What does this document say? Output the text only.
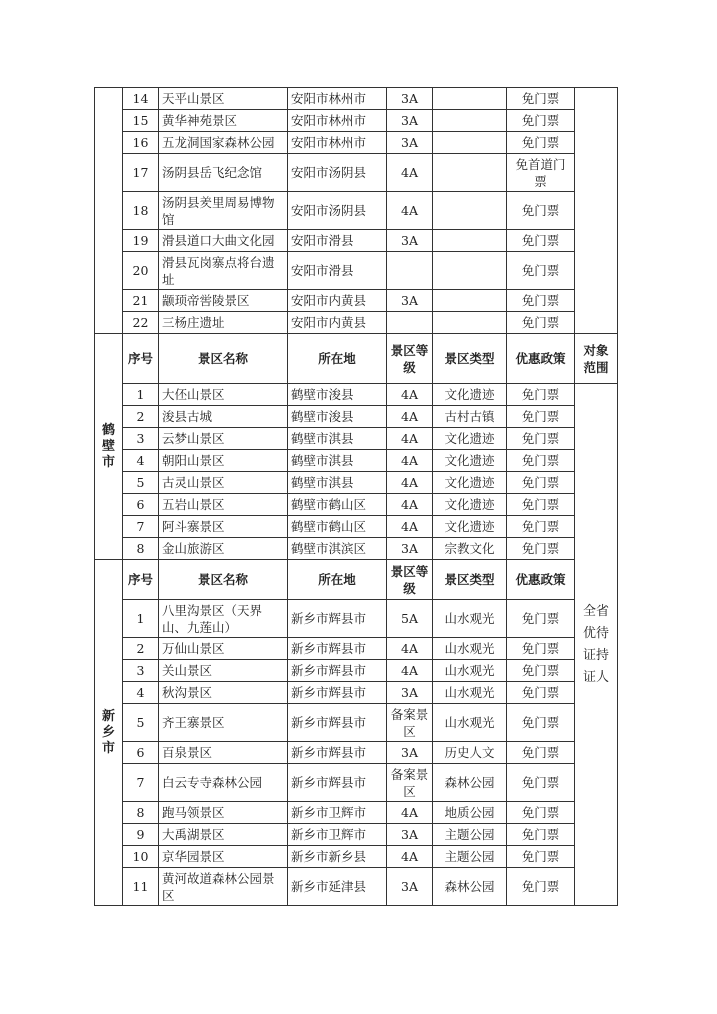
	14	天平山景区	安阳市林州市	3A		免门票	
	15	黄华神苑景区	安阳市林州市	3A		免门票	
	16	五龙洞国家森林公园	安阳市林州市	3A		免门票	
	17	汤阴县岳飞纪念馆	安阳市汤阴县	4A		免首道门票	
	18	汤阴县羑里周易博物馆	安阳市汤阴县	4A		免门票	
	19	滑县道口大曲文化园	安阳市滑县	3A		免门票	
	20	滑县瓦岗寨点将台遗址	安阳市滑县			免门票	
	21	颛顼帝喾陵景区	安阳市内黄县	3A		免门票	
	22	三杨庄遗址	安阳市内黄县			免门票	

鹤壁市	序号	景区名称	所在地	景区等级	景区类型	优惠政策	对象范围
	1	大伾山景区	鹤壁市浚县	4A	文化遗迹	免门票	全省优待证持证人

	2	浚县古城	鹤壁市浚县	4A	古村古镇	免门票	
	3	云梦山景区	鹤壁市淇县	4A	文化遗迹	免门票	
	4	朝阳山景区	鹤壁市淇县	4A	文化遗迹	免门票	
	5	古灵山景区	鹤壁市淇县	4A	文化遗迹	免门票	
	6	五岩山景区	鹤壁市鹤山区	4A	文化遗迹	免门票	
	7	阿斗寨景区	鹤壁市鹤山区	4A	文化遗迹	免门票	
	8	金山旅游区	鹤壁市淇滨区	3A	宗教文化	免门票	

新乡市	序号	景区名称	所在地	景区等级	景区类型	优惠政策	
	1	八里沟景区（天界山、九莲山）	新乡市辉县市	5A	山水观光	免门票	
	2	万仙山景区	新乡市辉县市	4A	山水观光	免门票	
	3	关山景区	新乡市辉县市	4A	山水观光	免门票	
	4	秋沟景区	新乡市辉县市	3A	山水观光	免门票	
	5	齐王寨景区	新乡市辉县市	备案景区	山水观光	免门票	
	6	百泉景区	新乡市辉县市	3A	历史人文	免门票	
	7	白云专寺森林公园	新乡市辉县市	备案景区	森林公园	免门票	
	8	跑马领景区	新乡市卫辉市	4A	地质公园	免门票	
	9	大禹湖景区	新乡市卫辉市	3A	主题公园	免门票	
	10	京华园景区	新乡市新乡县	4A	主题公园	免门票	
	11	黄河故道森林公园景区	新乡市延津县	3A	森林公园	免门票	
